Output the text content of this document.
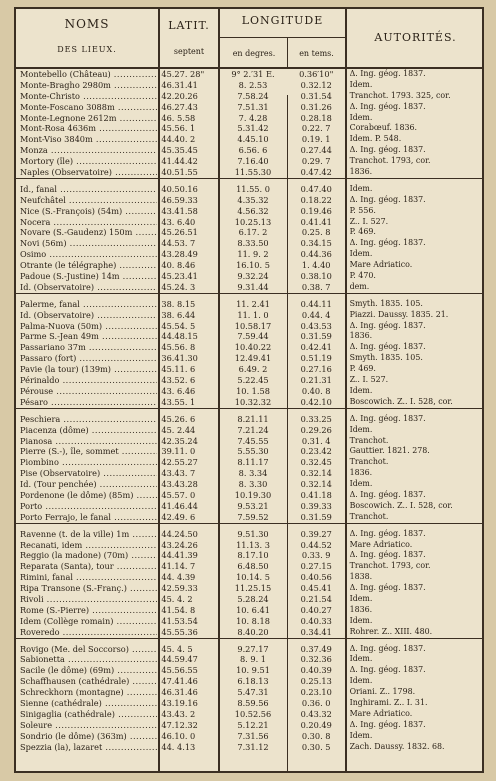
NOMS
DES LIEUX.
LATIT.
septent
LONGITUDE
en degres.	en tems.
AUTORITÉS.
Montebello (Château) .....	45.27. 28"	9° 2.′31 E.	0.36′10"	Δ. Ing. géog. 1837.
Monte-Bragho 2980m .....	46.31.41	8. 2.53	0.32.12	Idem.
Monte-Christo .....	42.20.26	7.58.24	0.31.54	Tranchot. 1793. 325, cor.
Monte-Foscano 3088m .....	46.27.43	7.51.31	0.31.26	Δ. Ing. géog. 1837.
Monte-Legnone 2612m .....	46. 5.58	7. 4.28	0.28.18	Idem.
Mont-Rosa 4636m .....	45.56. 1	5.31.42	0.22. 7	Corabœuf. 1836.
Mont-Viso 3840m .....	44.40. 2	4.45.10	0.19. 1	Idem. P. 548.
Monza .....	45.35.45	6.56. 6	0.27.44	Δ. Ing. géog. 1837.
Mortory (île) .....	41.44.42	7.16.40	0.29. 7	Tranchot. 1793, cor.
Naples (Observatoire) .....	40.51.55	11.55.30	0.47.42	1836.
Id., fanal .....	40.50.16	11.55. 0	0.47.40	Idem.
Neufchâtel .....	46.59.33	4.35.32	0.18.22	Δ. Ing. géog. 1837.
Nice (S.-François) (54m) .....	43.41.58	4.56.32	0.19.46	P. 556.
Nocera .....	43. 6.40	10.25.13	0.41.41	Z.. I. 527.
Novare (S.-Gaudenz) 150m .....	45.26.51	6.17. 2	0.25. 8	P. 469.
Novi (56m) .....	44.53. 7	8.33.50	0.34.15	Δ. Ing. géog. 1837.
Osimo .....	43.28.49	11. 9. 2	0.44.36	Idem.
Otrante (le télégraphe) .....	40. 8.46	16.10. 5	1. 4.40	Mare Adriatico.
Padoue (S.-Justine) 14m .....	45.23.41	9.32.24	0.38.10	P. 470.
Id. (Observatoire) .....	45.24. 3	9.31.44	0.38. 7	dem.
Palerme, fanal .....	38. 8.15	11. 2.41	0.44.11	Smyth. 1835. 105.
Id. (Observatoire) .....	38. 6.44	11. 1. 0	0.44. 4	Piazzi. Daussy. 1835. 21.
Palma-Nuova (50m) .....	45.54. 5	10.58.17	0.43.53	Δ. Ing. géog. 1837.
Parme S.-Jean 49m .....	44.48.15	7.59.44	0.31.59	1836.
Passariano 37m .....	45.56. 8	10.40.22	0.42.41	Δ. Ing. géog. 1837.
Passaro (fort) .....	36.41.30	12.49.41	0.51.19	Smyth. 1835. 105.
Pavie (la tour) (139m) .....	45.11. 6	6.49. 2	0.27.16	P. 469.
Périnaldo .....	43.52. 6	5.22.45	0.21.31	Z.. I. 527.
Pérouse .....	43. 6.46	10. 1.58	0.40. 8	Idem.
Pésaro .....	43.55. 1	10.32.32	0.42.10	Boscowich. Z.. I. 528, cor.
Peschiera .....	45.26. 6	8.21.11	0.33.25	Δ. Ing. géog. 1837.
Piacenza (dôme) .....	45. 2.44	7.21.24	0.29.26	Idem.
Pianosa .....	42.35.24	7.45.55	0.31. 4	Tranchot.
Pierre (S.-), île, sommet .....	39.11. 0	5.55.30	0.23.42	Gauttier. 1821. 278.
Piombino .....	42.55.27	8.11.17	0.32.45	Tranchot.
Pise (Observatoire) .....	43.43. 7	8. 3.34	0.32.14	1836.
Id. (Tour penchée) .....	43.43.28	8. 3.30	0.32.14	Idem.
Pordenone (le dôme) (85m) .....	45.57. 0	10.19.30	0.41.18	Δ. Ing. géog. 1837.
Porto .....	41.46.44	9.53.21	0.39.33	Boscowich. Z.. I. 528, cor.
Porto Ferrajo, le fanal .....	42.49. 6	7.59.52	0.31.59	Tranchot.
Ravenne (t. de la ville) 1m .....	44.24.50	9.51.30	0.39.27	Δ. Ing. géog. 1837.
Recanati, idem .....	43.24.26	11.13. 3	0.44.52	Mare Adriatico.
Reggio (la madone) (70m) .....	44.41.39	8.17.10	0.33. 9	Δ. Ing. géog. 1837.
Reparata (Santa), tour .....	41.14. 7	6.48.50	0.27.15	Tranchot. 1793, cor.
Rimini, fanal .....	44. 4.39	10.14. 5	0.40.56	1838.
Ripa Transone (S.-Franç.) .....	42.59.33	11.25.15	0.45.41	Δ. Ing. géog. 1837.
Rivoli .....	45. 4. 2	5.28.24	0.21.54	Idem.
Rome (S.-Pierre) .....	41.54. 8	10. 6.41	0.40.27	1836.
Idem (Collège romain) .....	41.53.54	10. 8.18	0.40.33	Idem.
Roveredo .....	45.55.36	8.40.20	0.34.41	Rohrer. Z.. XIII. 480.
Rovigo (Me. del Soccorso) .....	45. 4. 5	9.27.17	0.37.49	Δ. Ing. géog. 1837.
Sabionetta .....	44.59.47	8. 9. 1	0.32.36	Idem.
Sacile (le dôme) (69m) .....	45.56.55	10. 9.51	0.40.39	Δ. Ing. géog. 1837.
Schaffhausen (cathédrale) .....	47.41.46	6.18.13	0.25.13	Idem.
Schreckhorn (montagne) .....	46.31.46	5.47.31	0.23.10	Oriani. Z.. 1798.
Sienne (cathédrale) .....	43.19.16	8.59.56	0.36. 0	Inghirami. Z.. I. 31.
Sinigaglia (cathédrale) .....	43.43. 2	10.52.56	0.43.32	Mare Adriatico.
Soleure .....	47.12.32	5.12.21	0.20.49	Δ. Ing. géog. 1837.
Sondrio (le dôme) (363m) .....	46.10. 0	7.31.56	0.30. 8	Idem.
Spezzia (la), lazaret .....	44. 4.13	7.31.12	0.30. 5	Zach. Daussy. 1832. 68.
